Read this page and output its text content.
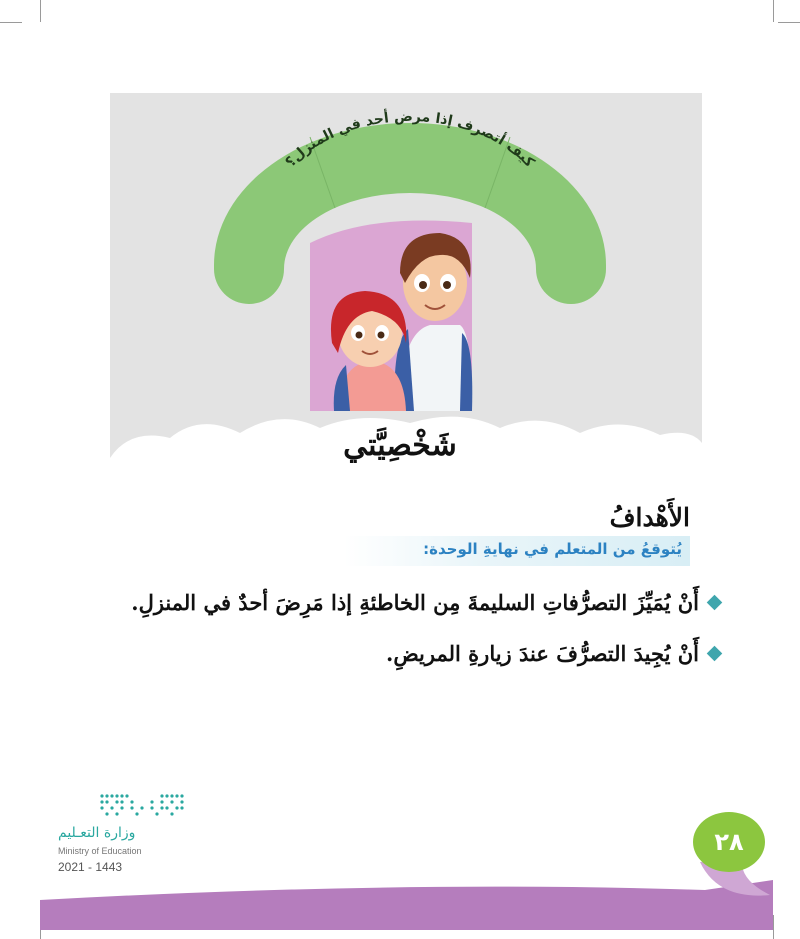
كيف أتصرف إذا مرض أحد في المنزل؟
شَخْصِيَّتي
الأَهْدافُ
يُتوقعُ من المتعلم في نهايةِ الوحدة:
أَنْ يُمَيِّزَ التصرُّفاتِ السليمةَ مِن الخاطئةِ إذا مَرِضَ أحدٌ في المنزلِ.
أَنْ يُجِيدَ التصرُّفَ عندَ زيارةِ المريضِ.
وزارة التعـليم
Ministry of Education
2021 - 1443
٢٨
